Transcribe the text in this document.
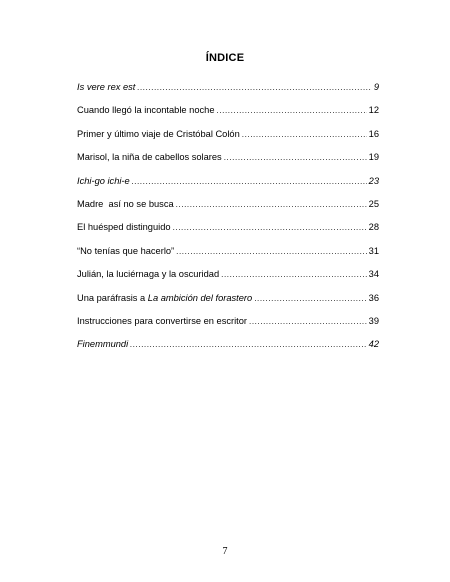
ÍNDICE
Is vere rex est .....	9
Cuando llegó la incontable noche .....	12
Primer y último viaje de Cristóbal Colón .....	16
Marisol, la niña de cabellos solares .....	19
Ichi-go ichi-e .....	23
Madre  así no se busca .....	25
El huésped distinguido .....	28
“No tenías que hacerlo” .....	31
Julián, la luciérnaga y la oscuridad .....	34
Una paráfrasis a La ambición del forastero .....	36
Instrucciones para convertirse en escritor .....	39
Finemmundi .....	42
7
